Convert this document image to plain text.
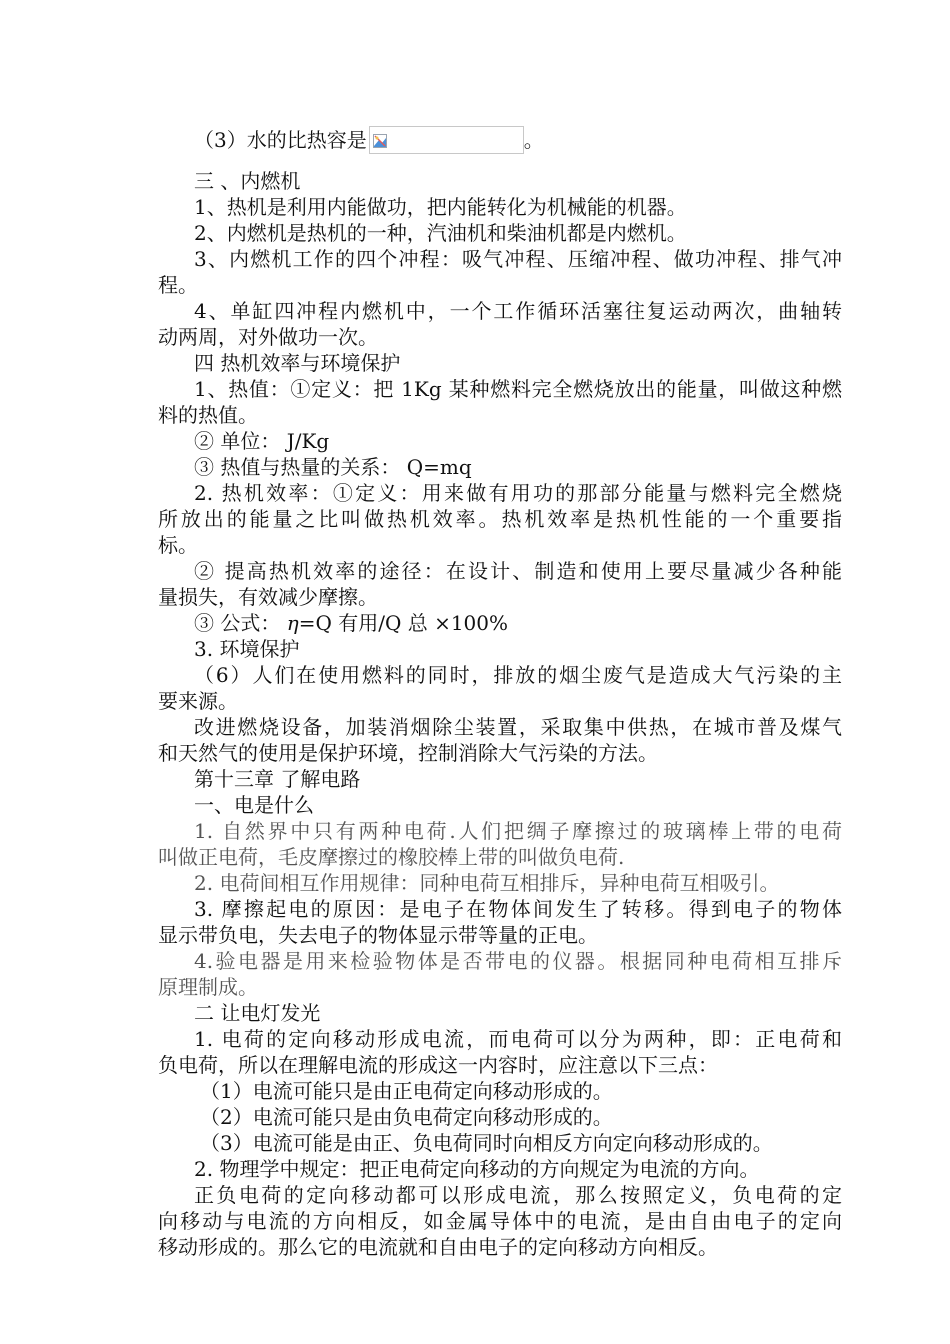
（3）水的比热容是	。

三 、内燃机

1、热机是利用内能做功，把内能转化为机械能的机器。

2、内燃机是热机的一种，汽油机和柴油机都是内燃机。

3、内燃机工作的四个冲程：吸气冲程、压缩冲程、做功冲程、排气冲

程。

4、单缸四冲程内燃机中，一个工作循环活塞往复运动两次，曲轴转

动两周，对外做功一次。

四 热机效率与环境保护

1、热值：①定义：把 1Kg 某种燃料完全燃烧放出的能量，叫做这种燃

料的热值。

② 单位： J/Kg

③ 热值与热量的关系： Q=mq

2. 热机效率：①定义：用来做有用功的那部分能量与燃料完全燃烧

所放出的能量之比叫做热机效率。热机效率是热机性能的一个重要指

标。

② 提高热机效率的途径：在设计、制造和使用上要尽量减少各种能

量损失，有效减少摩擦。

③ 公式： η=Q 有用/Q 总 ×100%

3. 环境保护

（6）人们在使用燃料的同时，排放的烟尘废气是造成大气污染的主

要来源。

改进燃烧设备，加装消烟除尘装置，采取集中供热，在城市普及煤气

和天然气的使用是保护环境，控制消除大气污染的方法。

第十三章 了解电路

一、电是什么

1. 自然界中只有两种电荷.人们把绸子摩擦过的玻璃棒上带的电荷

叫做正电荷，毛皮摩擦过的橡胶棒上带的叫做负电荷.

2. 电荷间相互作用规律：同种电荷互相排斥，异种电荷互相吸引。

3. 摩擦起电的原因：是电子在物体间发生了转移。得到电子的物体

显示带负电，失去电子的物体显示带等量的正电。

4.验电器是用来检验物体是否带电的仪器。根据同种电荷相互排斥

原理制成。

二 让电灯发光

1. 电荷的定向移动形成电流，而电荷可以分为两种，即：正电荷和

负电荷，所以在理解电流的形成这一内容时，应注意以下三点：

（1）电流可能只是由正电荷定向移动形成的。

（2）电流可能只是由负电荷定向移动形成的。

（3）电流可能是由正、负电荷同时向相反方向定向移动形成的。

2. 物理学中规定：把正电荷定向移动的方向规定为电流的方向。

正负电荷的定向移动都可以形成电流，那么按照定义，负电荷的定

向移动与电流的方向相反，如金属导体中的电流，是由自由电子的定向

移动形成的。那么它的电流就和自由电子的定向移动方向相反。
